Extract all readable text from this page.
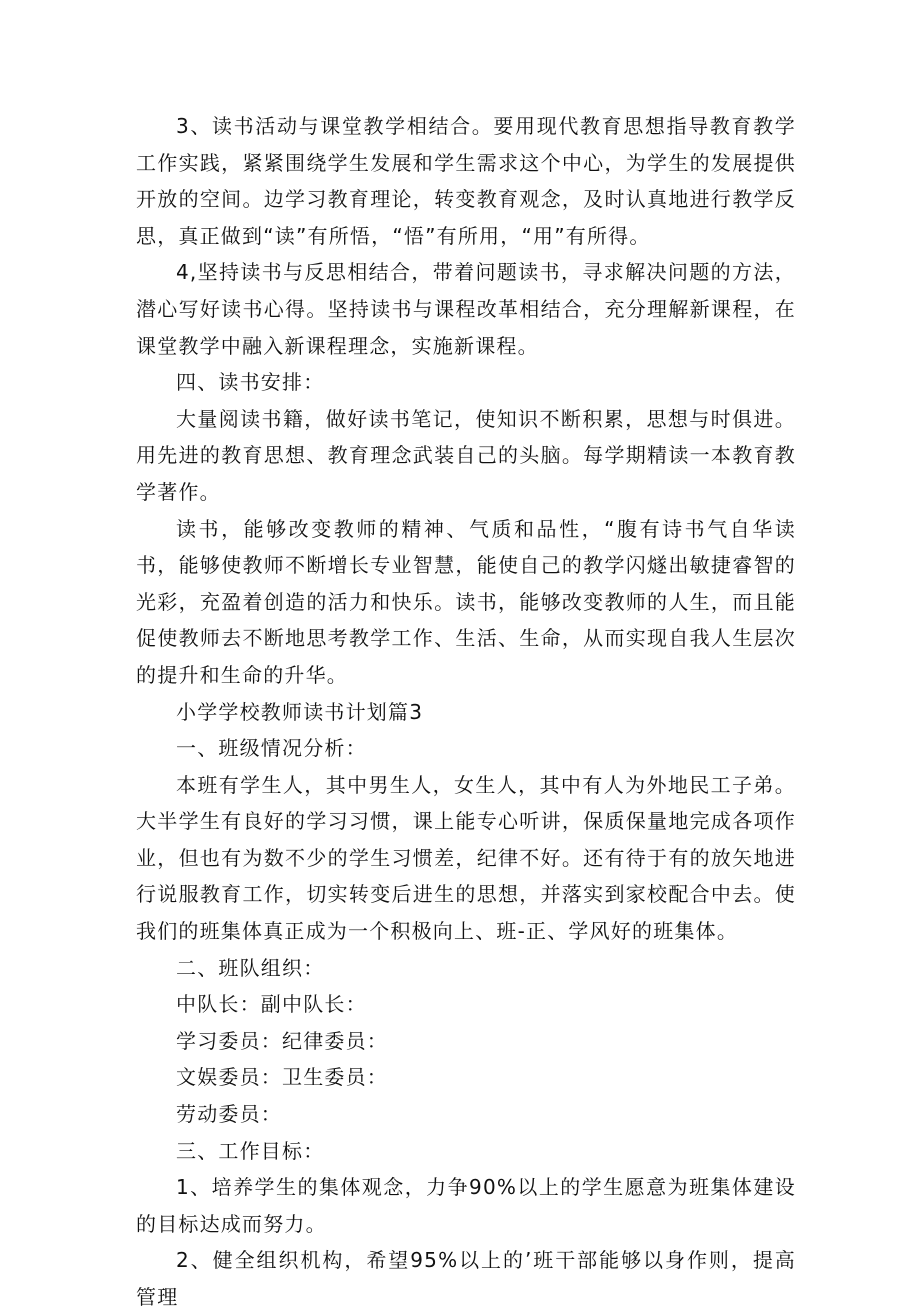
3、读书活动与课堂教学相结合。要用现代教育思想指导教育教学工作实践，紧紧围绕学生发展和学生需求这个中心，为学生的发展提供开放的空间。边学习教育理论，转变教育观念，及时认真地进行教学反思，真正做到“读”有所悟，“悟”有所用，“用”有所得。

4,坚持读书与反思相结合，带着问题读书，寻求解决问题的方法，潜心写好读书心得。坚持读书与课程改革相结合，充分理解新课程，在课堂教学中融入新课程理念，实施新课程。

四、读书安排：

大量阅读书籍，做好读书笔记，使知识不断积累，思想与时俱进。用先进的教育思想、教育理念武装自己的头脑。每学期精读一本教育教学著作。

读书，能够改变教师的精神、气质和品性，“腹有诗书气自华读书，能够使教师不断增长专业智慧，能使自己的教学闪燧出敏捷睿智的光彩，充盈着创造的活力和快乐。读书，能够改变教师的人生，而且能促使教师去不断地思考教学工作、生活、生命，从而实现自我人生层次的提升和生命的升华。

小学学校教师读书计划篇3

一、班级情况分析：

本班有学生人，其中男生人，女生人，其中有人为外地民工子弟。大半学生有良好的学习习惯，课上能专心听讲，保质保量地完成各项作业，但也有为数不少的学生习惯差，纪律不好。还有待于有的放矢地进行说服教育工作，切实转变后进生的思想，并落实到家校配合中去。使我们的班集体真正成为一个积极向上、班-正、学风好的班集体。

二、班队组织：

中队长：副中队长：

学习委员：纪律委员：

文娱委员：卫生委员：

劳动委员：

三、工作目标：

1、培养学生的集体观念，力争90%以上的学生愿意为班集体建设的目标达成而努力。

2、健全组织机构，希望95%以上的’班干部能够以身作则，提高管理
